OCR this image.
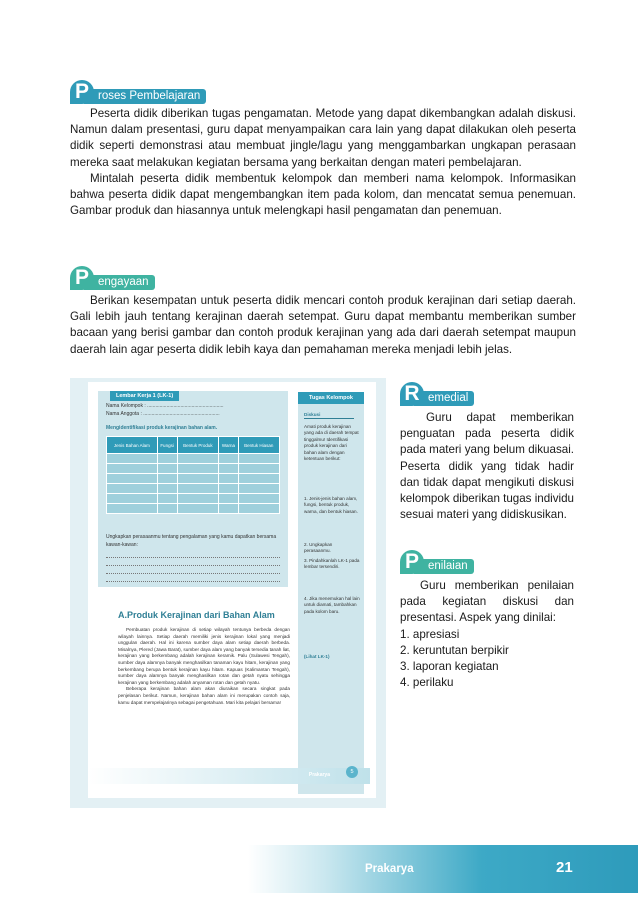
P roses Pembelajaran

Peserta didik diberikan tugas pengamatan. Metode yang dapat dikembangkan adalah diskusi. Namun dalam presentasi, guru dapat menyampaikan cara lain yang dapat dilakukan oleh peserta didik seperti demonstrasi atau membuat jingle/lagu yang menggambarkan ungkapan perasaan mereka saat melakukan kegiatan bersama yang berkaitan dengan materi pembelajaran.

Mintalah peserta didik membentuk kelompok dan memberi nama kelompok. Informasikan bahwa peserta didik dapat mengembangkan item pada kolom, dan mencatat semua penemuan. Gambar produk dan hiasannya untuk melengkapi hasil pengamatan dan penemuan.

P engayaan

Berikan kesempatan untuk peserta didik mencari contoh produk kerajinan dari setiap daerah. Gali lebih jauh tentang kerajinan daerah setempat. Guru dapat membantu memberikan sumber bacaan yang berisi gambar dan contoh produk kerajinan yang ada dari daerah setempat maupun daerah lain agar peserta didik lebih kaya dan pemahaman mereka menjadi lebih jelas.

Lembar Kerja 1 (LK-1)
Nama Kelompok : .......................................................
Nama Anggota : .......................................................
Mengidentifikasi produk kerajinan bahan alam.
Jenis Bahan Alam	Fungsi	Bentuk Produk	Warna	Bentuk Hiasan

Ungkapkan perasaanmu tentang pengalaman yang kamu dapatkan bersama kawan-kawan:
Tugas Kelompok
Diskusi
Amati produk kerajinan yang ada di daerah tempat tinggalmu! Identifikasi produk kerajinan dari bahan alam dengan ketentuan berikut:
1. Jenis-jenis bahan alam, fungsi, bentuk produk, warna, dan bentuk hiasan.
2. Ungkapkan perasaanmu.
3. Pindahkanlah LK-1 pada lembar tersendiri.
4. Jika menemukan hal lain untuk diamati, tambahkan pada kolom baru.
(Lihat LK-1)
A.Produk Kerajinan dari Bahan Alam
Pembuatan produk kerajinan di setiap wilayah tentunya berbeda dengan wilayah lainnya. Setiap daerah memiliki jenis kerajinan lokal yang menjadi unggulan daerah. Hal ini karena sumber daya alam setiap daerah berbeda. Misalnya, Plered (Jawa Barat), sumber daya alam yang banyak tersedia tanah liat, kerajinan yang berkembang adalah kerajinan keramik. Palu (Sulawesi Tengah), sumber daya alamnya banyak menghasilkan tanaman kayu hitam, kerajinan yang berkembang berupa bentuk kerajinan kayu hitam. Kapuas (Kalimantan Tengah), sumber daya alamnya banyak menghasilkan rotan dan getah nyatu sehingga kerajinan yang berkembang adalah anyaman rotan dan getah nyatu.
Beberapa kerajinan bahan alam akan diuraikan secara singkat pada penjelasan berikut. Namun, kerajinan bahan alam ini merupakan contoh saja, kamu dapat mempelajarinya sebagai pengetahuan. Mari kita pelajari bersama!
Prakarya	5
R emedial

Guru dapat memberikan penguatan pada peserta didik pada materi yang belum dikuasai. Peserta didik yang tidak hadir dan tidak dapat mengikuti diskusi kelompok diberikan tugas individu sesuai materi yang didiskusikan.

P enilaian

Guru memberikan penilaian pada kegiatan diskusi dan presentasi. Aspek yang dinilai:

1. apresiasi

2. keruntutan berpikir

3. laporan kegiatan

4. perilaku

Prakarya	21
